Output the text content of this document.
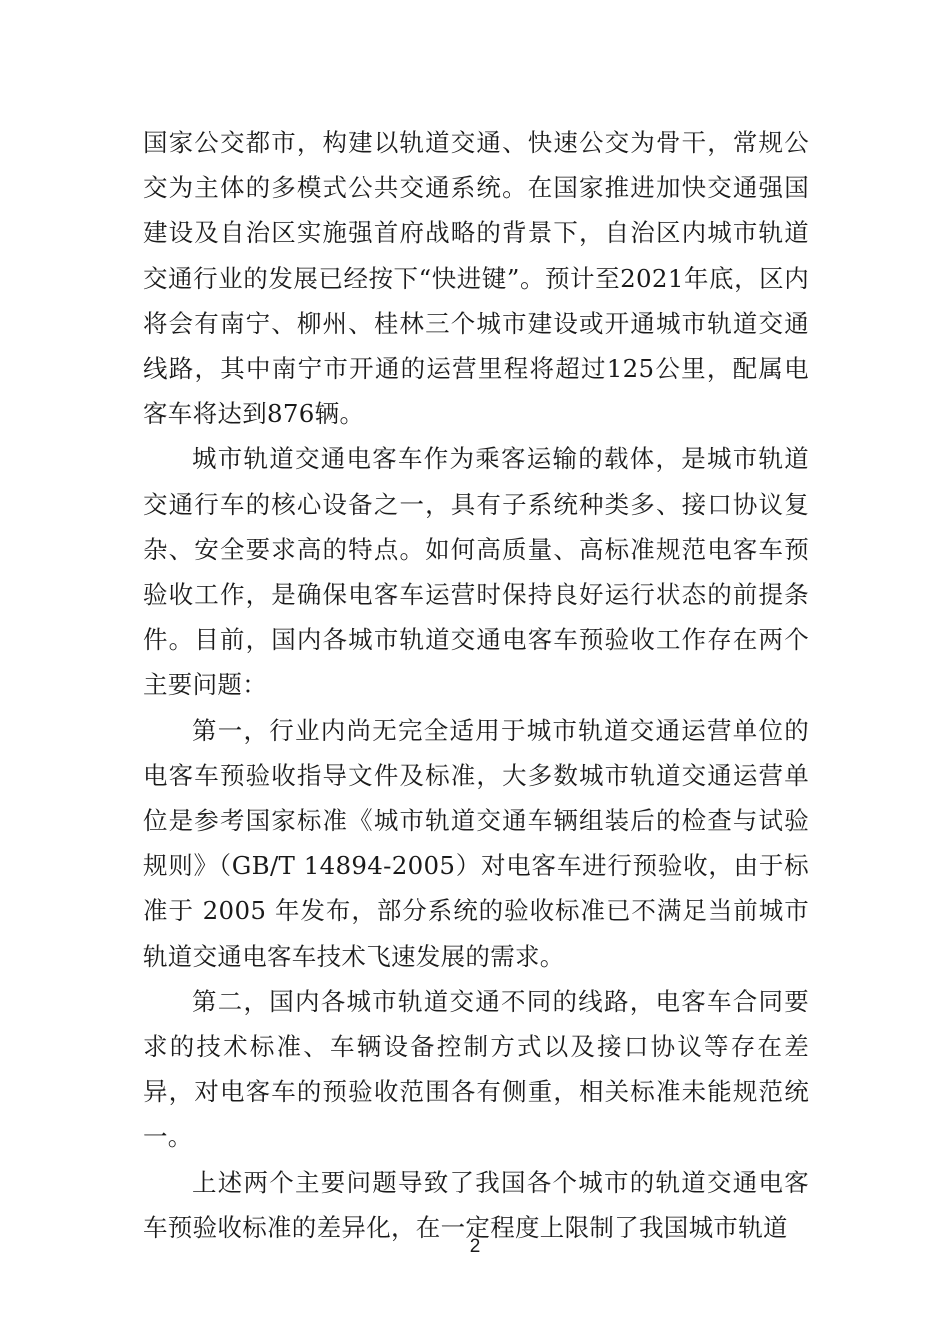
国家公交都市，构建以轨道交通、快速公交为骨干，常规公交为主体的多模式公共交通系统。在国家推进加快交通强国建设及自治区实施强首府战略的背景下，自治区内城市轨道交通行业的发展已经按下“快进键”。预计至2021年底，区内将会有南宁、柳州、桂林三个城市建设或开通城市轨道交通线路，其中南宁市开通的运营里程将超过125公里，配属电客车将达到876辆。

城市轨道交通电客车作为乘客运输的载体，是城市轨道交通行车的核心设备之一，具有子系统种类多、接口协议复杂、安全要求高的特点。如何高质量、高标准规范电客车预验收工作，是确保电客车运营时保持良好运行状态的前提条件。目前，国内各城市轨道交通电客车预验收工作存在两个主要问题：

第一，行业内尚无完全适用于城市轨道交通运营单位的电客车预验收指导文件及标准，大多数城市轨道交通运营单位是参考国家标准《城市轨道交通车辆组装后的检查与试验规则》（GB/T 14894-2005）对电客车进行预验收，由于标准于 2005 年发布，部分系统的验收标准已不满足当前城市轨道交通电客车技术飞速发展的需求。

第二，国内各城市轨道交通不同的线路，电客车合同要求的技术标准、车辆设备控制方式以及接口协议等存在差异，对电客车的预验收范围各有侧重，相关标准未能规范统一。

上述两个主要问题导致了我国各个城市的轨道交通电客车预验收标准的差异化，在一定程度上限制了我国城市轨道

2
